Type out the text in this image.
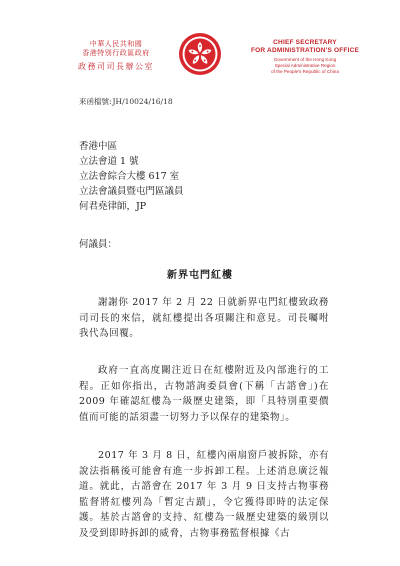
中華人民共和國
香港特別行政區政府
政務司司長辦公室
CHIEF SECRETARY
FOR ADMINISTRATION'S OFFICE
Government of the Hong Kong
Special Administrative Region
of the People's Republic of China
來函檔號:JH/10024/16/18
香港中區
立法會道 1 號
立法會綜合大樓 617 室
立法會議員暨屯門區議員
何君堯律師，JP
何議員：
新界屯門紅樓
謝謝你 2017 年 2 月 22 日就新界屯門紅樓致政務司司長的來信，就紅樓提出各項關注和意見。司長囑咐我代為回覆。
政府一直高度關注近日在紅樓附近及內部進行的工程。正如你指出，古物諮詢委員會(下稱「古諮會」)在 2009 年確認紅樓為一級歷史建築，即「具特別重要價值而可能的話須盡一切努力予以保存的建築物」。
2017 年 3 月 8 日，紅樓內兩扇窗戶被拆除，亦有說法指稱後可能會有進一步拆卸工程。上述消息廣泛報道。就此，古諮會在 2017 年 3 月 9 日支持古物事務監督將紅樓列為「暫定古蹟」，令它獲得即時的法定保護。基於古諮會的支持、紅樓為一級歷史建築的級別以及受到即時拆卸的威脅，古物事務監督根據《古
